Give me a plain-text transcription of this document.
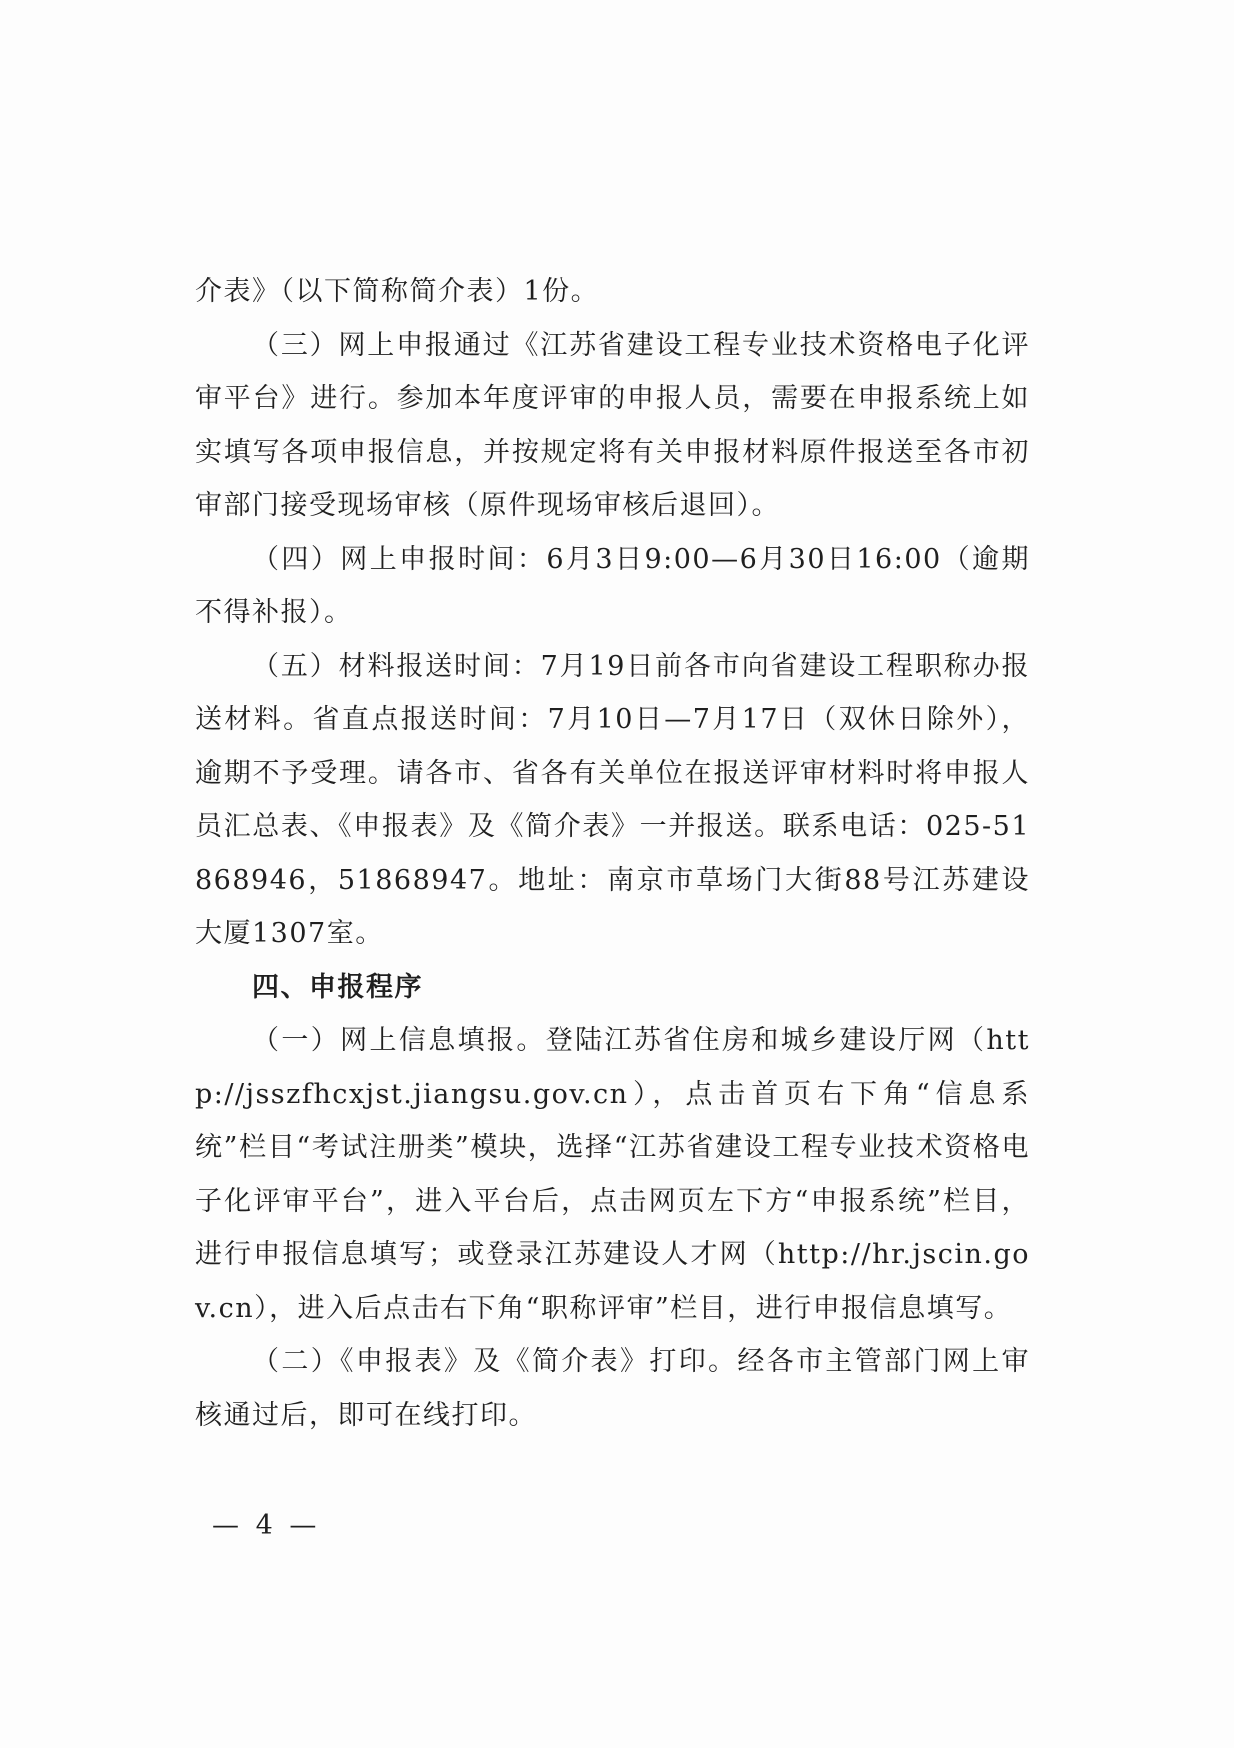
介表》（以下简称简介表）1份。

（三）网上申报通过《江苏省建设工程专业技术资格电子化评审平台》进行。参加本年度评审的申报人员，需要在申报系统上如实填写各项申报信息，并按规定将有关申报材料原件报送至各市初审部门接受现场审核（原件现场审核后退回）。

（四）网上申报时间：6月3日9:00—6月30日16:00（逾期不得补报）。

（五）材料报送时间：7月19日前各市向省建设工程职称办报送材料。省直点报送时间：7月10日—7月17日（双休日除外），逾期不予受理。请各市、省各有关单位在报送评审材料时将申报人员汇总表、《申报表》及《简介表》一并报送。联系电话：025-51868946，51868947。地址：南京市草场门大街88号江苏建设大厦1307室。

四、申报程序

（一）网上信息填报。登陆江苏省住房和城乡建设厅网（http://jsszfhcxjst.jiangsu.gov.cn），点击首页右下角“信息系统”栏目“考试注册类”模块，选择“江苏省建设工程专业技术资格电子化评审平台”，进入平台后，点击网页左下方“申报系统”栏目，进行申报信息填写；或登录江苏建设人才网（http://hr.jscin.gov.cn），进入后点击右下角“职称评审”栏目，进行申报信息填写。

（二）《申报表》及《简介表》打印。经各市主管部门网上审核通过后，即可在线打印。

— 4 —
